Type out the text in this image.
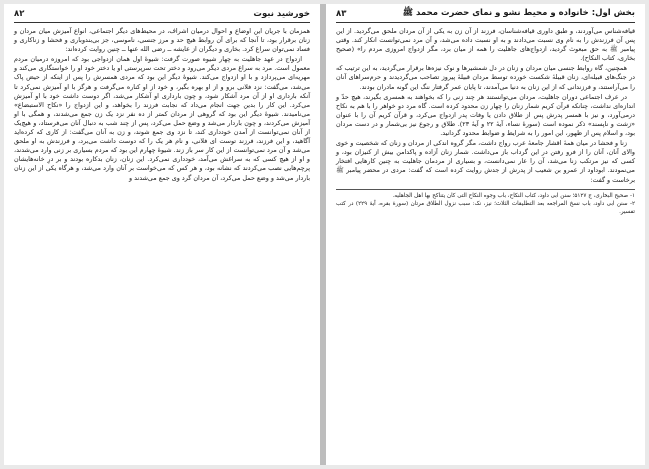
خورشید نبوت
۸۲

همزمان با جریان این اوضاع و احوال درمیان اشراف، در محیط‌های دیگر اجتماعی، انواع آمیزش میان مردان و زنان برقرار بود، تا آنجا که برای آن روابط هیچ حد و مرز جنسی، ناموسی، جز بی‌بندوباری و فحشا و زناکاری و فساد نمی‌توان سراغ کرد. بخاری و دیگران از عایشه ــ رضی الله عنها ــ چنین روایت کرده‌اند:

ازدواج در عهد جاهلیت به چهار شیوه صورت گرفت: شیوهٔ اول همان ازدواجی بود که امروزه درمیان مردم معمول است. مرد به سراغ مردی دیگر می‌رود و دختر تحت سرپرستی او یا دختر خود او را خواستگاری می‌کند و مهریه‌ای می‌پردازد و با او ازدواج می‌کند. شیوهٔ دیگر این بود که مردی همسرش را پس از اینکه از حیض پاک می‌شد، می‌گفت: نزد فلانی برو و از او بهره بگیر، و خود از او کناره می‌گرفت و هرگز با او آمیزش نمی‌کرد تا آنکه بارداری او از آن مرد آشکار شود، و چون بارداری او آشکار می‌شد، اگر دوست داشت خود با او آمیزش می‌کرد. این کار را بدین جهت انجام می‌داد که نجابت فرزند را بخواهد، و این ازدواج را «نکاح الاستبضاع» می‌نامیدند. شیوهٔ دیگر این بود که گروهی از مردان کمتر از ده نفر نزد یک زن جمع می‌شدند، و همگی با او آمیزش می‌کردند، و چون باردار می‌شد و وضع حمل می‌کرد، پس از چند شب به دنبال آنان می‌فرستاد، و هیچ‌یک از آنان نمی‌توانست از آمدن خودداری کند، تا نزد وی جمع شوند، و زن به آنان می‌گفت: از کاری که کرده‌اید آگاهید، و این فرزند، فرزند توست ای فلانی، و نام هر یک را که دوست داشت می‌برد، و فرزندش به او ملحق می‌شد و آن مرد نمی‌توانست از این کار سر باز زند. شیوهٔ چهارم این بود که مردم بسیاری بر زنی وارد می‌شدند، و او از هیچ کسی که به سراغش می‌آمد، خودداری نمی‌کرد. این زنان، زنان بدکاره بودند و بر درِ خانه‌هایشان پرچم‌هایی نصب می‌کردند که نشانه بود، و هر کس که می‌خواست بر آنان وارد می‌شد، و هرگاه یکی از این زنان باردار می‌شد و وضع حمل می‌کرد، آن مردان گرد وی جمع می‌شدند و

بخش اول: خانواده و محیط نشو و نمای حضرت محمد ﷺ
۸۳

قیافه‌شناس می‌آوردند، و طبق داوری قیافه‌شناسان، فرزند از آن زن به یکی از آن مردان ملحق می‌گردید. از این پس آن فرزندش را به نام وی نسبت می‌دادند و به او نسبت داده می‌شد، و آن مرد نمی‌توانست انکار کند. وقتی پیامبر ﷺ به حق مبعوث گردید، ازدواج‌های جاهلیت را همه از میان برد، مگر ازدواج امروزی مردم را» (صحیح بخاری، کتاب النکاح).

همچنین، گاه روابط جنسی میان مردان و زنان در دل شمشیرها و نوک نیزه‌ها برقرار می‌گردید، به این ترتیب که در جنگ‌های قبیله‌ای، زنان قبیلهٔ شکست خورده توسط مردان قبیلهٔ پیروز تصاحب می‌گردیدند و حرم‌سراهای آنان را می‌آراستند، و فرزندانی که از این زنان به دنیا می‌آمدند، تا پایان عمر گرفتار ننگ این گونه مادران بودند.

در عرف اجتماعی دوران جاهلیت، مردان می‌توانستند هر چند زنی را که بخواهند به همسری بگیرند، هیچ حدّ و اندازه‌ای نداشت، چنانکه قرآن کریم شمار زنان را چهار زن محدود کرده است. گاه مرد دو خواهر را با هم به نکاح درمی‌آورد، و نیز با همسر پدرش پس از طلاق دادن یا وفات پدر ازدواج می‌کرد، و قرآن کریم آن را با عنوان «زشت و ناپسند» ذکر نموده است (سورهٔ نساء، آیهٔ ۲۲ و آیهٔ ۲۳). طلاق و رجوع نیز بی‌شمار و در دست مردان بود، و اسلام پس از ظهور، این امور را به شرایط و ضوابط محدود گردانید.

زنا و فحشا در میان همهٔ اقشار جامعهٔ عرب رواج داشت، مگر گروه اندکی از مردان و زنان که شخصیت و خوی والای آنان، آنان را از فرو رفتن در این گرداب باز می‌داشت. شمار زنان آزاده و پاکدامن بیش از کنیزان بود، و کسی که نیز مرتکب زنا می‌شد، آن را عار نمی‌دانست، و بسیاری از مردمان جاهلیت به چنین کارهایی افتخار می‌نمودند. ابوداود از عمرو بن شعیب از پدرش از جدش روایت کرده است که گفت: مردی در محضر پیامبر ﷺ برخاست و گفت:

۱- صحیح البخاری، ج ۵۱۲۷؛ سنن ابی داود، کتاب النکاح، باب وجوه النکاح التی کان یتناکح بها اهل الجاهلیه.

۲- سنن ابی داود، باب نسخ المراجعه بعد التطلیقات الثلاث؛ نیز، نک: سبب نزول الطلاق مرتان (سورهٔ بقره، آیهٔ ۲۲۹) در کتب تفسیر.
